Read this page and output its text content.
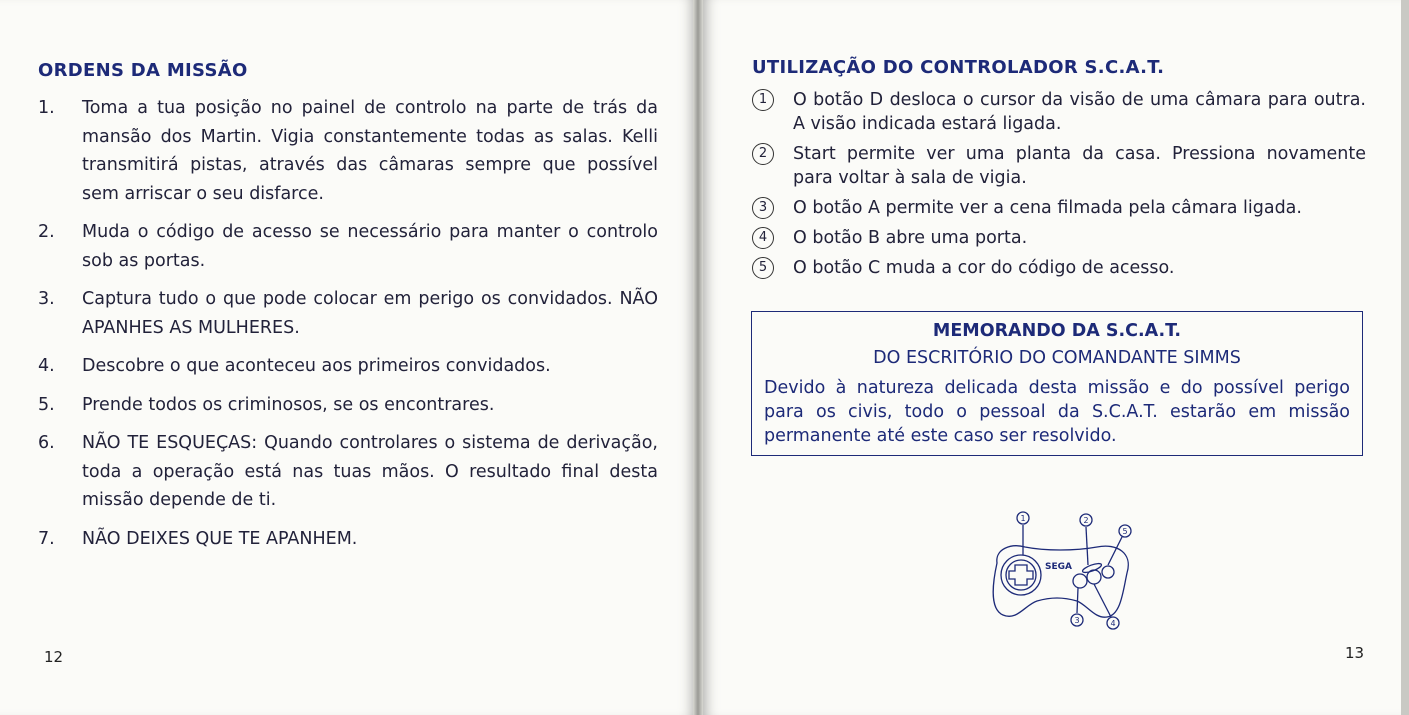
ORDENS DA MISSÃO
1. Toma a tua posição no painel de controlo na parte de trás da mansão dos Martin. Vigia constantemente todas as salas. Kelli transmitirá pistas, através das câmaras sempre que possível sem arriscar o seu disfarce.
2. Muda o código de acesso se necessário para manter o controlo sob as portas.
3. Captura tudo o que pode colocar em perigo os convidados. NÃO APANHES AS MULHERES.
4. Descobre o que aconteceu aos primeiros convidados.
5. Prende todos os criminosos, se os encontrares.
6. NÃO TE ESQUEÇAS: Quando controlares o sistema de derivação, toda a operação está nas tuas mãos. O resultado final desta missão depende de ti.
7. NÃO DEIXES QUE TE APANHEM.
12
UTILIZAÇÃO DO CONTROLADOR S.C.A.T.
1	O botão D desloca o cursor da visão de uma câmara para outra. A visão indicada estará ligada.
2	Start permite ver uma planta da casa. Pressiona novamente para voltar à sala de vigia.
3	O botão A permite ver a cena filmada pela câmara ligada.
4	O botão B abre uma porta.
5	O botão C muda a cor do código de acesso.
MEMORANDO DA S.C.A.T.
DO ESCRITÓRIO DO COMANDANTE SIMMS
Devido à natureza delicada desta missão e do possível perigo para os civis, todo o pessoal da S.C.A.T. estarão em missão permanente até este caso ser resolvido.
SEGA
1	2
3	4
5
13
